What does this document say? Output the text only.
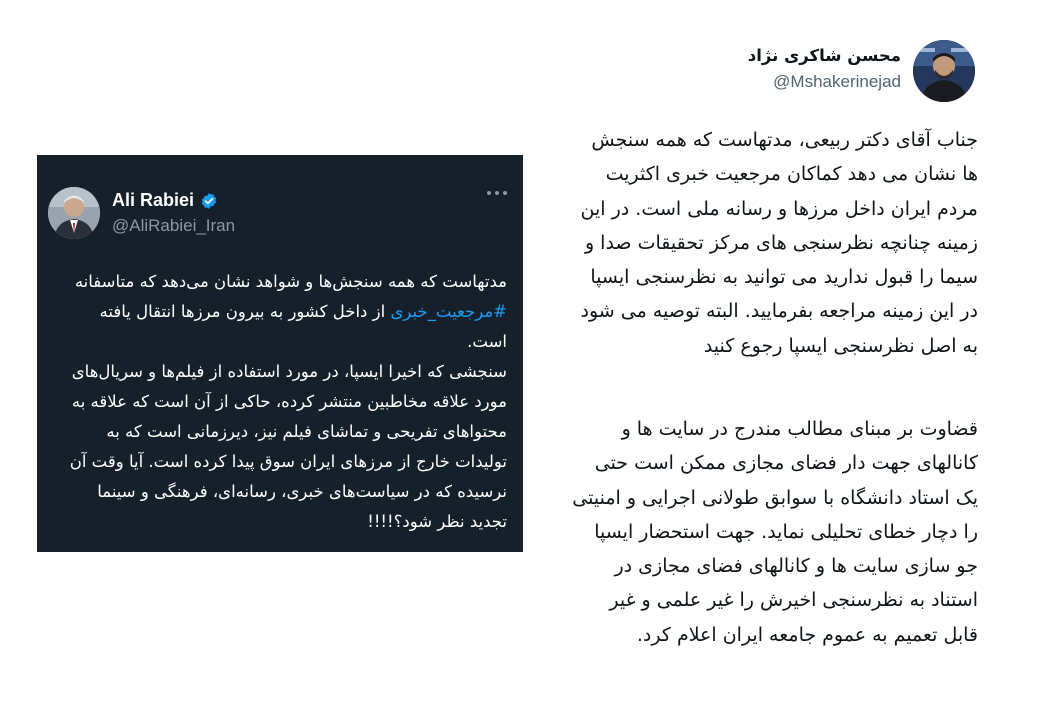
Ali Rabiei
@AliRabiei_Iran

مدتهاست که همه سنجش‌ها و شواهد نشان می‌دهد که متاسفانه #مرجعیت_خبری از داخل کشور به بیرون مرزها انتقال یافته است.

سنجشی که اخیرا ایسپا، در مورد استفاده از فیلم‌ها و سریال‌های مورد علاقه مخاطبین منتشر کرده، حاکی از آن است که علاقه به محتواهای تفریحی و تماشای فیلم نیز، دیرزمانی است که به تولیدات خارج از مرزهای ایران سوق پیدا کرده است. آیا وقت آن نرسیده که در سیاست‌های خبری، رسانه‌ای، فرهنگی و سینما تجدید نظر شود؟!!!!

محسن شاکری نژاد
@Mshakerinejad

جناب آقای دکتر ربیعی، مدتهاست که همه سنجش ها نشان می دهد کماکان مرجعیت خبری اکثریت مردم ایران داخل مرزها و رسانه ملی است. در این زمینه چنانچه نظرسنجی های مرکز تحقیقات صدا و سیما را قبول ندارید می توانید به نظرسنجی ایسپا در این زمینه مراجعه بفرمایید. البته توصیه می شود به اصل نظرسنجی ایسپا رجوع کنید

قضاوت بر مبنای مطالب مندرج در سایت ها و کانالهای جهت دار فضای مجازی ممکن است حتی یک استاد دانشگاه با سوابق طولانی اجرایی و امنیتی را دچار خطای تحلیلی نماید. جهت استحضار ایسپا جو سازی سایت ها و کانالهای فضای مجازی در استناد به نظرسنجی اخیرش را غیر علمی و غیر قابل تعمیم به عموم جامعه ایران اعلام کرد.
